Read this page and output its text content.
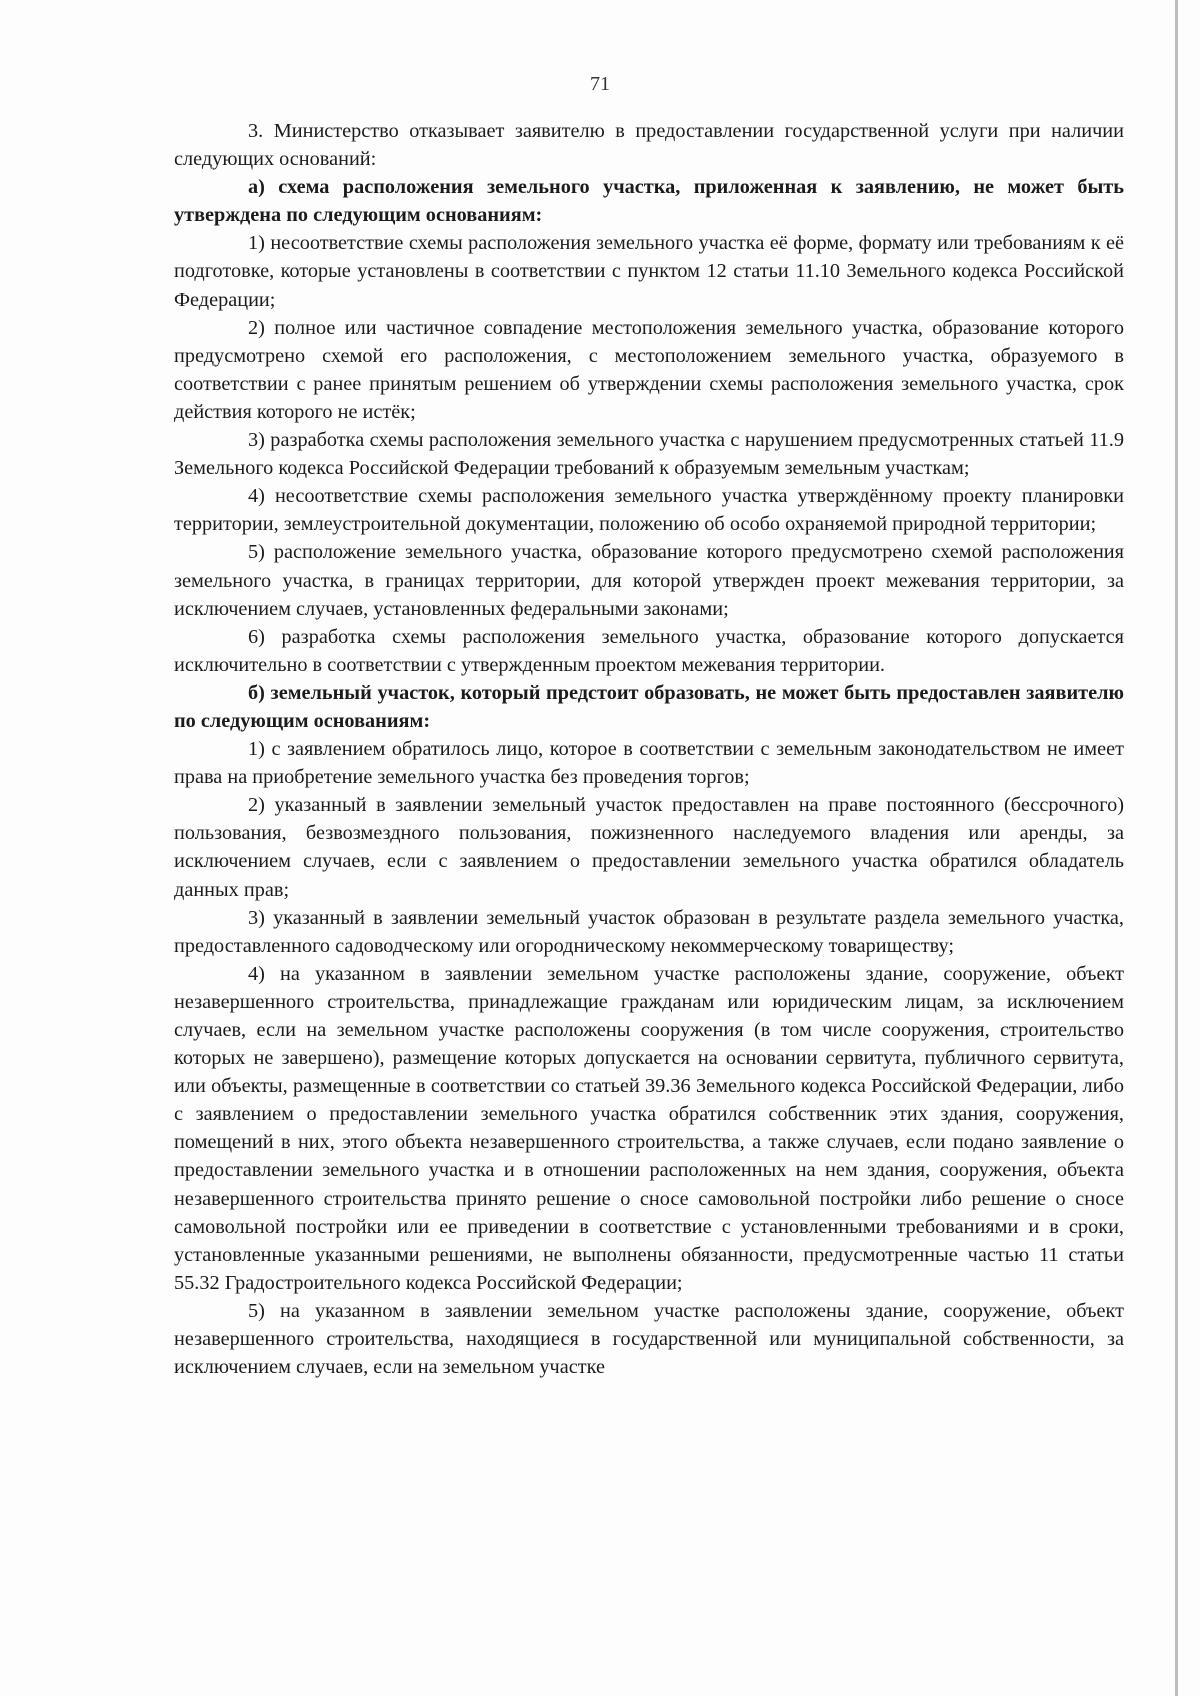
71

3. Министерство отказывает заявителю в предоставлении государственной услуги при наличии следующих оснований:

а) схема расположения земельного участка, приложенная к заявлению, не может быть утверждена по следующим основаниям:

1) несоответствие схемы расположения земельного участка её форме, формату или требованиям к её подготовке, которые установлены в соответствии с пунктом 12 статьи 11.10 Земельного кодекса Российской Федерации;

2) полное или частичное совпадение местоположения земельного участка, образование которого предусмотрено схемой его расположения, с местоположением земельного участка, образуемого в соответствии с ранее принятым решением об утверждении схемы расположения земельного участка, срок действия которого не истёк;

3) разработка схемы расположения земельного участка с нарушением предусмотренных статьей 11.9 Земельного кодекса Российской Федерации требований к образуемым земельным участкам;

4) несоответствие схемы расположения земельного участка утверждённому проекту планировки территории, землеустроительной документации, положению об особо охраняемой природной территории;

5) расположение земельного участка, образование которого предусмотрено схемой расположения земельного участка, в границах территории, для которой утвержден проект межевания территории, за исключением случаев, установленных федеральными законами;

6) разработка схемы расположения земельного участка, образование которого допускается исключительно в соответствии с утвержденным проектом межевания территории.

б) земельный участок, который предстоит образовать, не может быть предоставлен заявителю по следующим основаниям:

1) с заявлением обратилось лицо, которое в соответствии с земельным законодательством не имеет права на приобретение земельного участка без проведения торгов;

2) указанный в заявлении земельный участок предоставлен на праве постоянного (бессрочного) пользования, безвозмездного пользования, пожизненного наследуемого владения или аренды, за исключением случаев, если с заявлением о предоставлении земельного участка обратился обладатель данных прав;

3) указанный в заявлении земельный участок образован в результате раздела земельного участка, предоставленного садоводческому или огородническому некоммерческому товариществу;

4) на указанном в заявлении земельном участке расположены здание, сооружение, объект незавершенного строительства, принадлежащие гражданам или юридическим лицам, за исключением случаев, если на земельном участке расположены сооружения (в том числе сооружения, строительство которых не завершено), размещение которых допускается на основании сервитута, публичного сервитута, или объекты, размещенные в соответствии со статьей 39.36 Земельного кодекса Российской Федерации, либо с заявлением о предоставлении земельного участка обратился собственник этих здания, сооружения, помещений в них, этого объекта незавершенного строительства, а также случаев, если подано заявление о предоставлении земельного участка и в отношении расположенных на нем здания, сооружения, объекта незавершенного строительства принято решение о сносе самовольной постройки либо решение о сносе самовольной постройки или ее приведении в соответствие с установленными требованиями и в сроки, установленные указанными решениями, не выполнены обязанности, предусмотренные частью 11 статьи 55.32 Градостроительного кодекса Российской Федерации;

5) на указанном в заявлении земельном участке расположены здание, сооружение, объект незавершенного строительства, находящиеся в государственной или муниципальной собственности, за исключением случаев, если на земельном участке
